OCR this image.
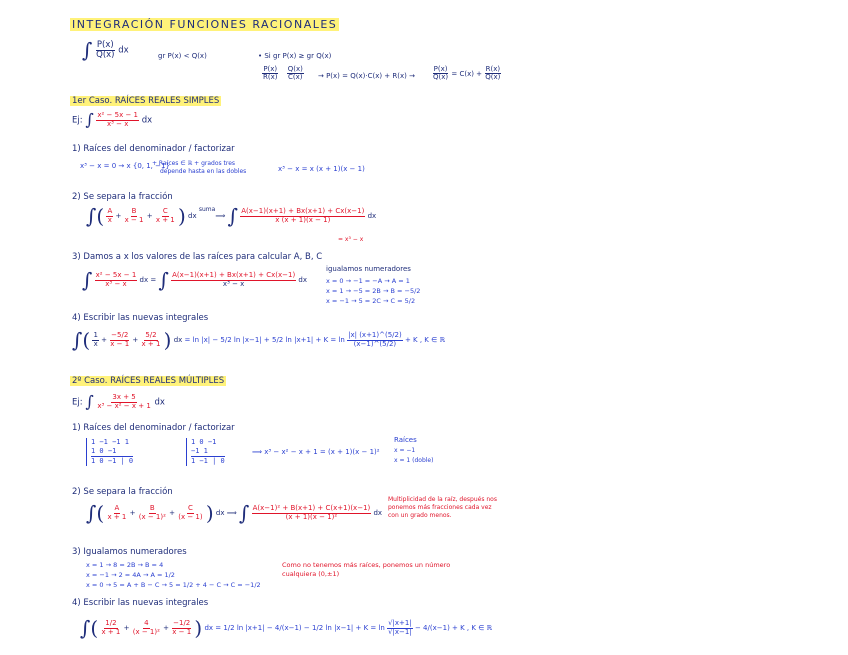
INTEGRACIÓN FUNCIONES RACIONALES
∫ $\frac{P(x)}{Q(x)}$ dx
gr P(x) < Q(x)	• Si gr P(x) ≥ gr Q(x)
$\frac{P(x)}{R(x)}$
$\frac{Q(x)}{C(x)} \to P(x) = Q(x)\cdot C(x) + R(x) \to \frac{P(x)}{Q(x)} = C(x) + \frac{R(x)}{Q(x)}$
1er Caso. RAÍCES REALES SIMPLES
Ej: ∫ $\frac{\text{x² − 5x − 1}}{\text{x³ − x}}$ dx
1) Raíces del denominador / factorizar
x³ − x = 0 → x {0, 1, −1}
+ Raíces ∈ ℝ + grados tres
depende hasta en las dobles	x³ − x = x (x + 1)(x − 1)
2) Se separa la fracción
∫( $\frac{A}{x} + \frac{B}{x - 1} + \frac{C}{x + 1}$ ) dx suma⟹ ∫ $\frac{A(x-1)(x+1) + Bx(x+1) + Cx(x-1)}{x (x + 1)(x - 1)}$ dx
= x³ − x
3) Damos a x los valores de las raíces para calcular A, B, C
∫ $\frac{\text{x² − 5x − 1}}{\text{x³ − x}}$ dx = ∫ $\frac{A(x-1)(x+1) + Bx(x+1) + Cx(x-1)}{\text{x³ − x}}$ dx
igualamos numeradores
x = 0 → −1 = −A → A = 1
x = 1 → −5 = 2B → B = −5/2
x = −1 → 5 = 2C → C = 5/2
4) Escribir las nuevas integrales
∫( $\frac{1}{x} + \frac{-5/2}{x - 1} + \frac{5/2}{x + 1}$ ) dx = ln |x| − 5/2 ln |x−1| + 5/2 $\ln |x+1| + K = \ln \frac{|x| (x+1)\^{}(5/2)}{(x-1)\^{}(5/2)} + K$ , K ∈ ℝ
2º Caso. RAÍCES REALES MÚLTIPLES
Ej: ∫ $\frac{3x + 5}{\text{x³ − x² − x + 1}}$ dx
1) Raíces del denominador / factorizar
1 −1 −1 1
1 0 −1
1 0 −1 | 0
1 0 −1
−1 1
1 −1 | 0
⟹ x³ − x² − x + 1 = (x + 1)(x − 1)²
Raíces
x = −1
x = 1 (doble)
2) Se separa la fracción
∫( $\frac{A}{x + 1} + \frac{B}{\text{(x − 1)²}} + \frac{C}{(x - 1)}$ ) dx ⟹ ∫ $\frac{\text{A(x−1)² + B(x+1) + C(x+1)(x−1)}}{\text{(x + 1)(x − 1)²}}$ dx
Multiplicidad de la raíz, después nos ponemos más fracciones cada vez con un grado menos.
3) Igualamos numeradores
x = 1 → 8 = 2B → B = 4
x = −1 → 2 = 4A → A = 1/2
x = 0 → 5 = A + B − C → 5 = 1/2 + 4 − C → C = −1/2
Como no tenemos más raíces, ponemos un número cualquiera (0,±1)
4) Escribir las nuevas integrales
∫( $\frac{1/2}{x + 1} + \frac{4}{\text{(x − 1)²}} + \frac{-1/2}{x - 1}$ ) dx = 1/2 ln |x+1| − 4/(x−1) − 1/2 $\ln |x-1| + K = \ln \frac{√|x+1|}{√|x-1|} - 4/(x-1) + K$ , K ∈ ℝ
